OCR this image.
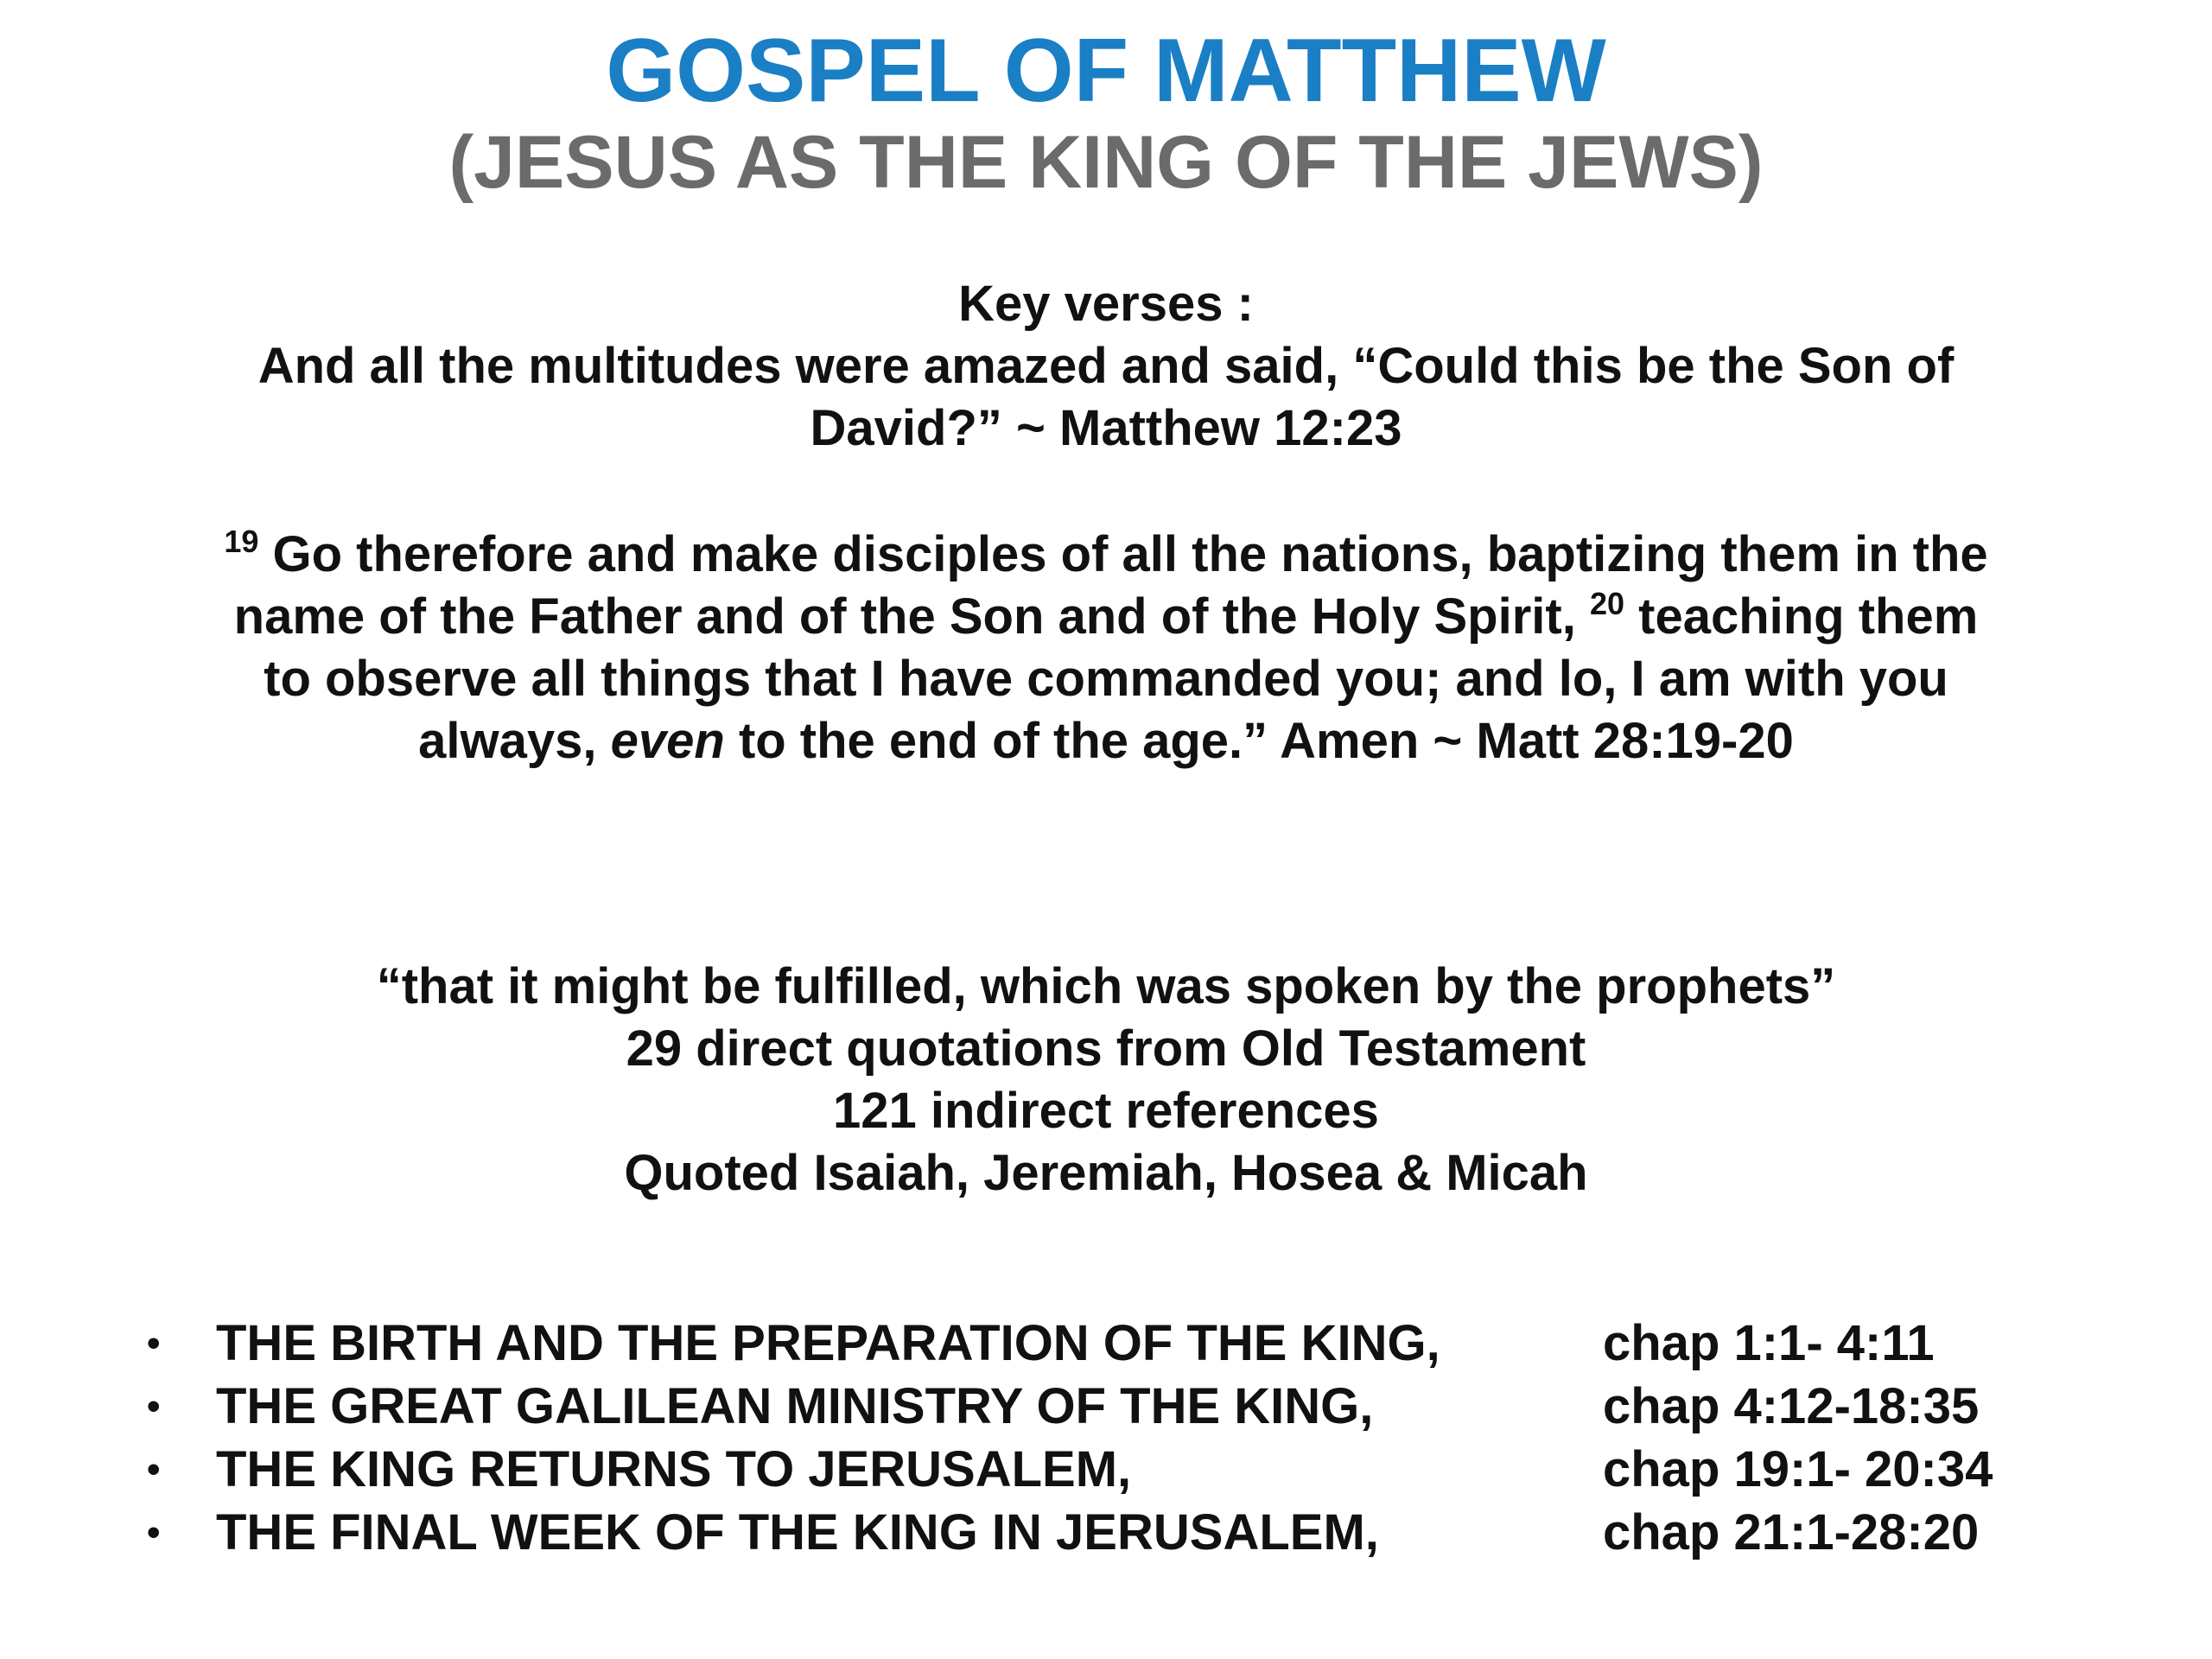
GOSPEL OF MATTHEW
(JESUS AS THE KING OF THE JEWS)
Key verses :
And all the multitudes were amazed and said, “Could this be the Son of
David?” ~ Matthew 12:23
$^{19}$ Go therefore and make disciples of all the nations, baptizing them in the
name of the Father and of the Son and of the Holy Spirit, $^{20}$ teaching them
to observe all things that I have commanded you; and lo, I am with you
always, even to the end of the age.” Amen ~ Matt 28:19-20
“that it might be fulfilled, which was spoken by the prophets”
29 direct quotations from Old Testament
121 indirect references
Quoted Isaiah, Jeremiah, Hosea & Micah
•	THE BIRTH AND THE PREPARATION OF THE KING,	chap 1:1- 4:11
•	THE GREAT GALILEAN MINISTRY OF THE KING,	chap 4:12-18:35
•	THE KING RETURNS TO JERUSALEM,	chap 19:1- 20:34
•	THE FINAL WEEK OF THE KING IN JERUSALEM,	chap 21:1-28:20
